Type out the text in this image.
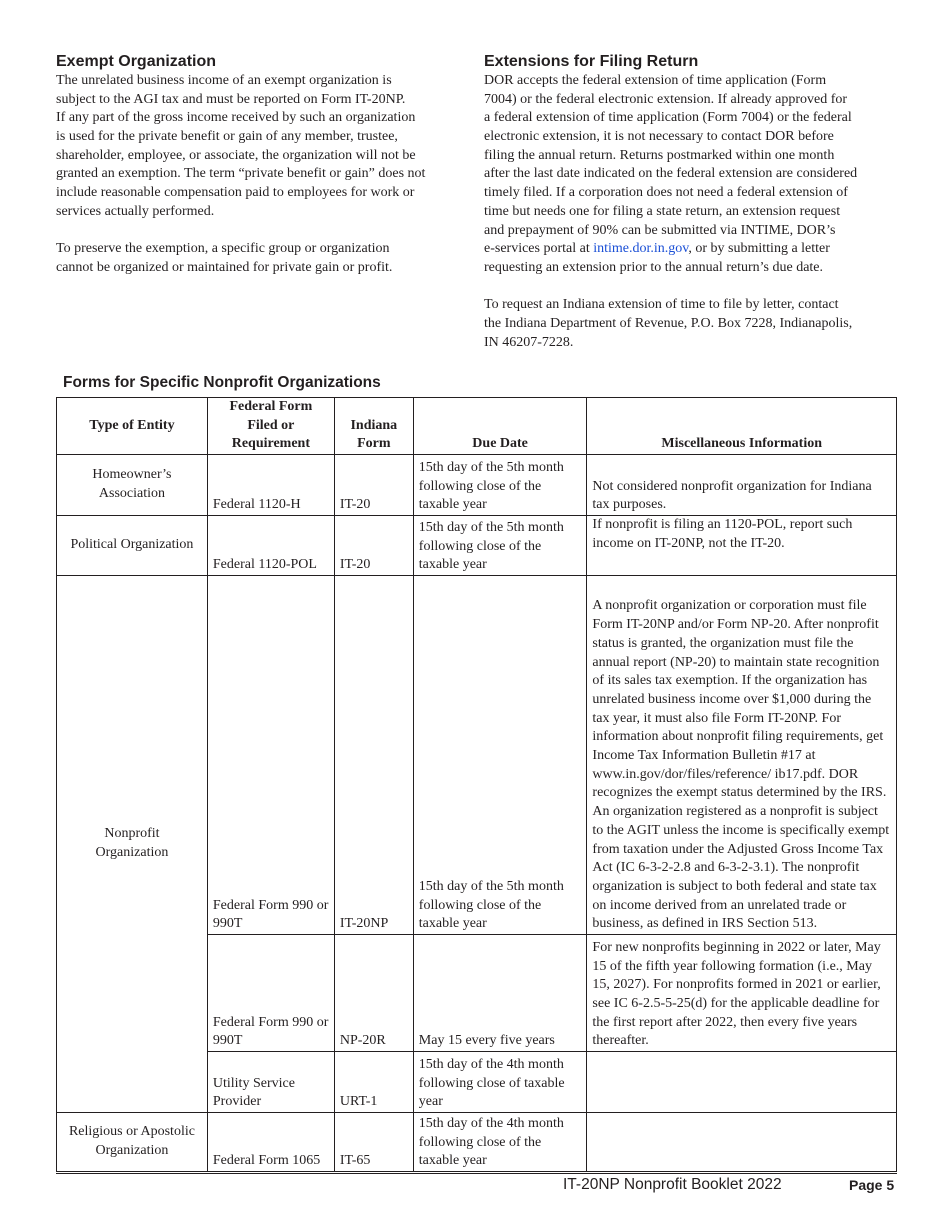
Exempt Organization
The unrelated business income of an exempt organization is
subject to the AGI tax and must be reported on Form IT-20NP.
If any part of the gross income received by such an organization
is used for the private benefit or gain of any member, trustee,
shareholder, employee, or associate, the organization will not be
granted an exemption. The term “private benefit or gain” does not
include reasonable compensation paid to employees for work or
services actually performed.
To preserve the exemption, a specific group or organization
cannot be organized or maintained for private gain or profit.
Extensions for Filing Return
DOR accepts the federal extension of time application (Form
7004) or the federal electronic extension. If already approved for
a federal extension of time application (Form 7004) or the federal
electronic extension, it is not necessary to contact DOR before
filing the annual return. Returns postmarked within one month
after the last date indicated on the federal extension are considered
timely filed. If a corporation does not need a federal extension of
time but needs one for filing a state return, an extension request
and prepayment of 90% can be submitted via INTIME, DOR’s
e-services portal at intime.dor.in.gov, or by submitting a letter
requesting an extension prior to the annual return’s due date.
To request an Indiana extension of time to file by letter, contact
the Indiana Department of Revenue, P.O. Box 7228, Indianapolis,
IN 46207-7228.
Forms for Specific Nonprofit Organizations
Type of Entity	Federal Form Filed or Requirement	Indiana Form	Due Date	Miscellaneous Information
Homeowner’s Association	Federal 1120-H	IT-20	15th day of the 5th month following close of the taxable year	Not considered nonprofit organization for Indiana tax purposes.
Political Organization	Federal 1120-POL	IT-20	15th day of the 5th month following close of the taxable year	If nonprofit is filing an 1120-POL, report such income on IT-20NP, not the IT-20.
Nonprofit Organization	Federal Form 990 or 990T	IT-20NP	15th day of the 5th month following close of the taxable year	A nonprofit organization or corporation must file Form IT-20NP and/or Form NP-20. After nonprofit status is granted, the organization must file the annual report (NP-20) to maintain state recognition of its sales tax exemption. If the organization has unrelated business income over $1,000 during the tax year, it must also file Form IT-20NP. For information about nonprofit filing requirements, get Income Tax Information Bulletin #17 at www.in.gov/dor/files/reference/ ib17.pdf. DOR recognizes the exempt status determined by the IRS. An organization registered as a nonprofit is subject to the AGIT unless the income is specifically exempt from taxation under the Adjusted Gross Income Tax Act (IC 6-3-2-2.8 and 6-3-2-3.1). The nonprofit organization is subject to both federal and state tax on income derived from an unrelated trade or business, as defined in IRS Section 513.
	Federal Form 990 or 990T	NP-20R	May 15 every five years	For new nonprofits beginning in 2022 or later, May 15 of the fifth year following formation (i.e., May 15, 2027). For nonprofits formed in 2021 or earlier, see IC 6-2.5-5-25(d) for the applicable deadline for the first report after 2022, then every five years thereafter.
	Utility Service Provider	URT-1	15th day of the 4th month following close of taxable year	
Religious or Apostolic Organization	Federal Form 1065	IT-65	15th day of the 4th month following close of the taxable year	
IT-20NP Nonprofit Booklet 2022	Page 5
